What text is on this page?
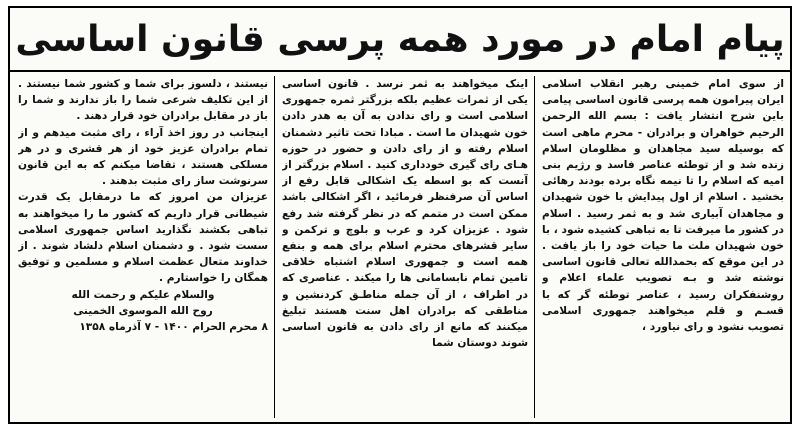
پیام امام در مورد همه پرسی قانون اساسی

از سوی امام خمینی رهبر انقلاب اسلامی ایران پیرامون همه پرسی قانون اساسی پیامی باین شرح انتشار یافت : بسم الله الرحمن الرحیم خواهران و برادران - محرم ماهی است که بوسیله سید مجاهدان و مظلومان اسلام زنده شد و از توطئه عناصر فاسد و رژیم بنی امیه که اسلام را تا نیمه نگاه برده بودند رهائی بخشید . اسلام از اول پیدایش با خون شهیدان و مجاهدان آبیاری شد و به ثمر رسید . اسلام در کشور ما میرفت تا به تباهی کشیده شود ، با خون شهیدان ملت ما حیات خود را باز یافت . در این موقع که بحمدالله تعالی قانون اساسی نوشته شد و بـه تصویب علماء اعلام و روشنفکران رسید ، عناصر توطئه گر که با قسـم و قلم میخواهند جمهوری اسلامی تصویب نشود و رای نیاورد ،

اینک میخواهند به ثمر نرسد . قانون اساسی یکی از ثمرات عظیم بلکه بزرگتر ثمره جمهوری اسلامی است و رای ندادن به آن به هدر دادن خون شهیدان ما است . مبادا تحت تاثیر دشمنان اسلام رفته و از رای دادن و حضور در حوزه هـای رای گیری خودداری کنید . اسلام بزرگتر از آنست که بو اسطه یک اشکالی قابل رفع از اساس آن صرفنظر فرمائید ، اگر اشکالی باشد ممکن است در متمم که در نظر گرفته شد رفع شود . عزیزان کرد و عرب و بلوچ و ترکمن و سایر قشرهای محترم اسلام برای همه و بنفع همه است و جمهوری اسلام اشتباه خلاقی تامین تمام نابسامانی ها را میکند . عناصری که در اطراف ، از آن جمله مناطـق کردنشین و مناطقی که برادران اهل سنت هستند تبلیغ میکنند که مانع از رای دادن به قانون اساسی شوند دوستان شما

نیستند ، دلسوز برای شما و کشور شما نیستند . از این تکلیف شرعی شما را باز ندارند و شما را باز در مقابل برادران خود قرار دهند .

اینجانب در روز اخذ آراء ، رای مثبت میدهم و از تمام برادران عزیز خود از هر قشری و در هر مسلکی هستند ، تقاضا میکنم که به این قانون سرنوشت ساز رای مثبت بدهند .

عزیزان من امروز که ما درمقابل یک قدرت شیطانی قرار داریم که کشور ما را میخواهند به تباهی بکشند نگذارید اساس جمهوری اسلامی سست شود . و دشمنان اسلام دلشاد شوند . از خداوند متعال عظمت اسلام و مسلمین و توفیق همگان را خواستارم .

والسلام علیکم و رحمت الله

روح الله الموسوی الخمینی

۸ محرم الحرام ۱۴۰۰ - ۷ آذرماه ۱۳۵۸
